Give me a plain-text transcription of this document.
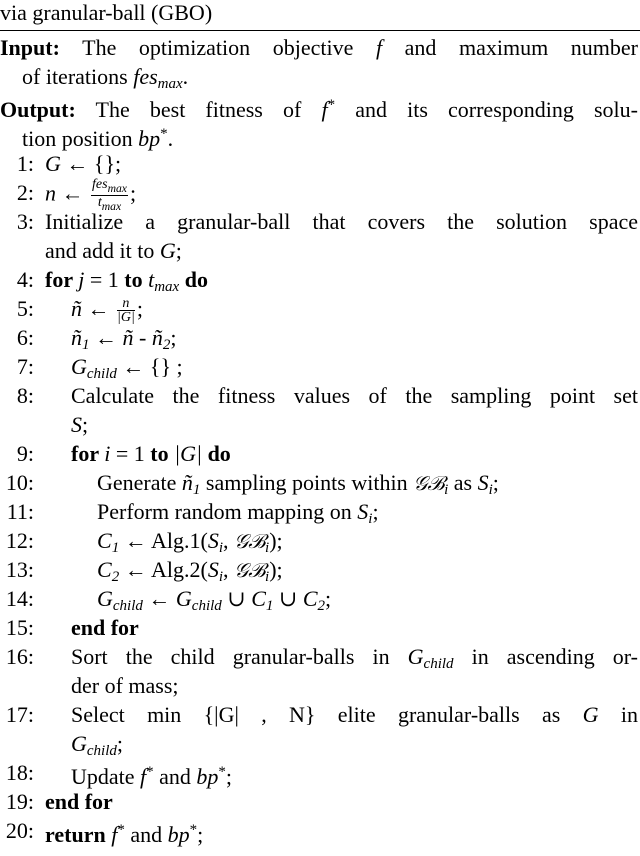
via granular-ball (GBO)
Input: The optimization objective f and maximum number
of iterations fes$_{max}$.
Output: The best fitness of f* and its corresponding solu-
tion position bp*.
1: G ← {};
2: n ← $\frac{fes_{max}}{t_{max}}$ ;
3: Initialize a granular-ball that covers the solution space
and add it to G;
4: for j = 1 to $t_{max}$ do
5: ñ ← $\frac{n}{|G|}$ ;
6: $ñ_1$ ← ñ - $ñ_2$;
7: $G_{child}$ ← {} ;
8: Calculate the fitness values of the sampling point set
S;
9: for i = 1 to |G| do
10:	Generate $ñ_1$ sampling points within 𝒢ℬ$_i$ as $S_i$;
11:	Perform random mapping on $S_i$;
12:	$C_1$ ← $Alg.1(S_i$, 𝒢ℬ$_i$);
13:	$C_2$ ← $Alg.2(S_i$, 𝒢ℬ$_i$);
14:	$G_{child}$ ← $G_{child}$ ∪ $C_1$ ∪ $C_2$;
15: end for
16: Sort the child granular-balls in $G_{child}$ in ascending or-
der of mass;
17: Select min {|G| , N} elite granular-balls as G in
$G_{child}$;
18: Update f* and bp*;
19: end for
20: return f* and bp*;
